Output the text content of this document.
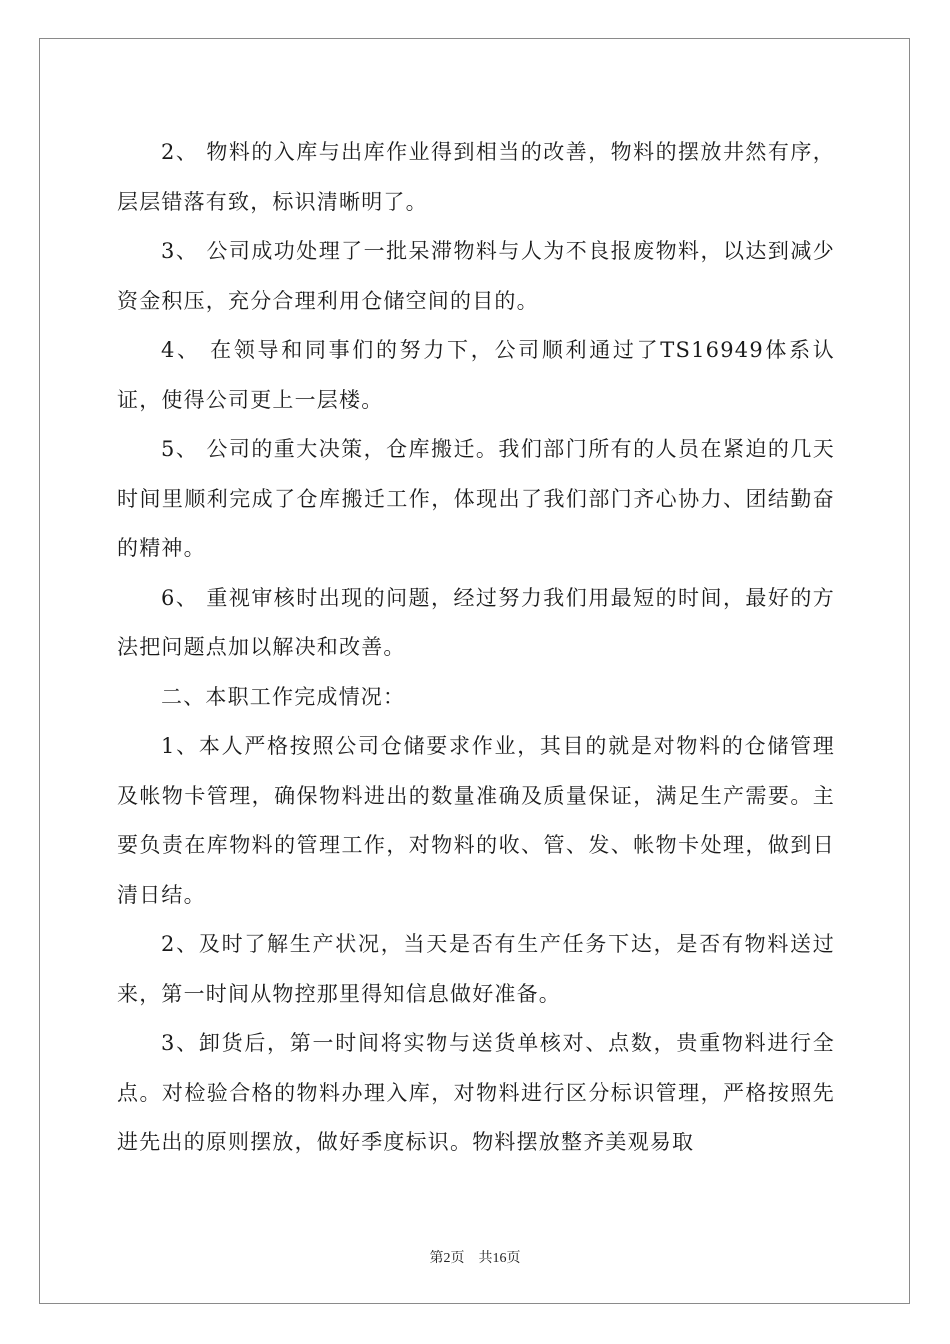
2、 物料的入库与出库作业得到相当的改善，物料的摆放井然有序，层层错落有致，标识清晰明了。

3、 公司成功处理了一批呆滞物料与人为不良报废物料，以达到减少资金积压，充分合理利用仓储空间的目的。

4、 在领导和同事们的努力下，公司顺利通过了TS16949体系认证，使得公司更上一层楼。

5、 公司的重大决策，仓库搬迁。我们部门所有的人员在紧迫的几天时间里顺利完成了仓库搬迁工作，体现出了我们部门齐心协力、团结勤奋的精神。

6、 重视审核时出现的问题，经过努力我们用最短的时间，最好的方法把问题点加以解决和改善。

二、本职工作完成情况：

1、本人严格按照公司仓储要求作业，其目的就是对物料的仓储管理及帐物卡管理，确保物料进出的数量准确及质量保证，满足生产需要。主要负责在库物料的管理工作，对物料的收、管、发、帐物卡处理，做到日清日结。

2、及时了解生产状况，当天是否有生产任务下达，是否有物料送过来，第一时间从物控那里得知信息做好准备。

3、卸货后，第一时间将实物与送货单核对、点数，贵重物料进行全点。对检验合格的物料办理入库，对物料进行区分标识管理，严格按照先进先出的原则摆放，做好季度标识。物料摆放整齐美观易取

第2页 共16页
